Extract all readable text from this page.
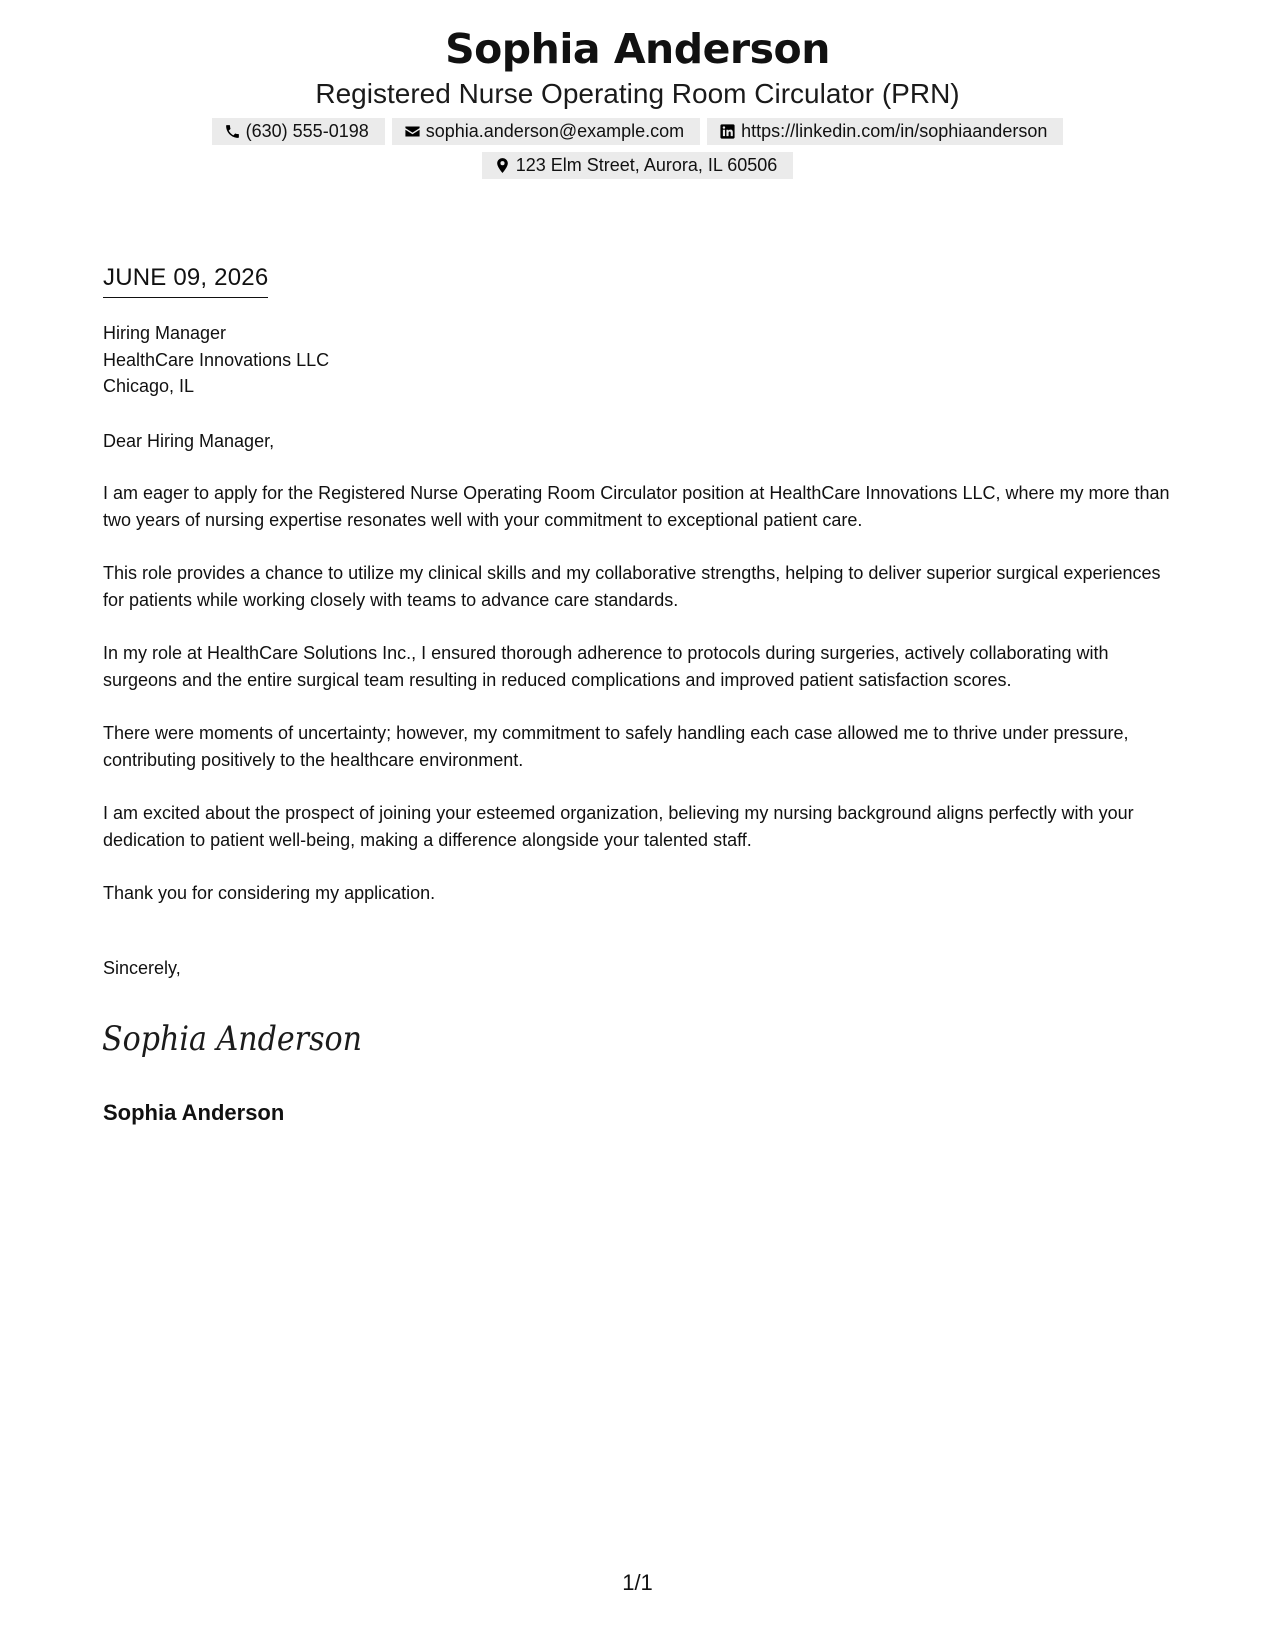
Sophia Anderson
Registered Nurse Operating Room Circulator (PRN)
(630) 555-0198	sophia.anderson@example.com	https://linkedin.com/in/sophiaanderson
123 Elm Street, Aurora, IL 60506
JUNE 09, 2026
Hiring Manager
HealthCare Innovations LLC
Chicago, IL
Dear Hiring Manager,

I am eager to apply for the Registered Nurse Operating Room Circulator position at HealthCare Innovations LLC, where my more than two years of nursing expertise resonates well with your commitment to exceptional patient care.

This role provides a chance to utilize my clinical skills and my collaborative strengths, helping to deliver superior surgical experiences for patients while working closely with teams to advance care standards.

In my role at HealthCare Solutions Inc., I ensured thorough adherence to protocols during surgeries, actively collaborating with surgeons and the entire surgical team resulting in reduced complications and improved patient satisfaction scores.

There were moments of uncertainty; however, my commitment to safely handling each case allowed me to thrive under pressure, contributing positively to the healthcare environment.

I am excited about the prospect of joining your esteemed organization, believing my nursing background aligns perfectly with your dedication to patient well-being, making a difference alongside your talented staff.

Thank you for considering my application.

Sincerely,
Sophia Anderson
Sophia Anderson
1/1
